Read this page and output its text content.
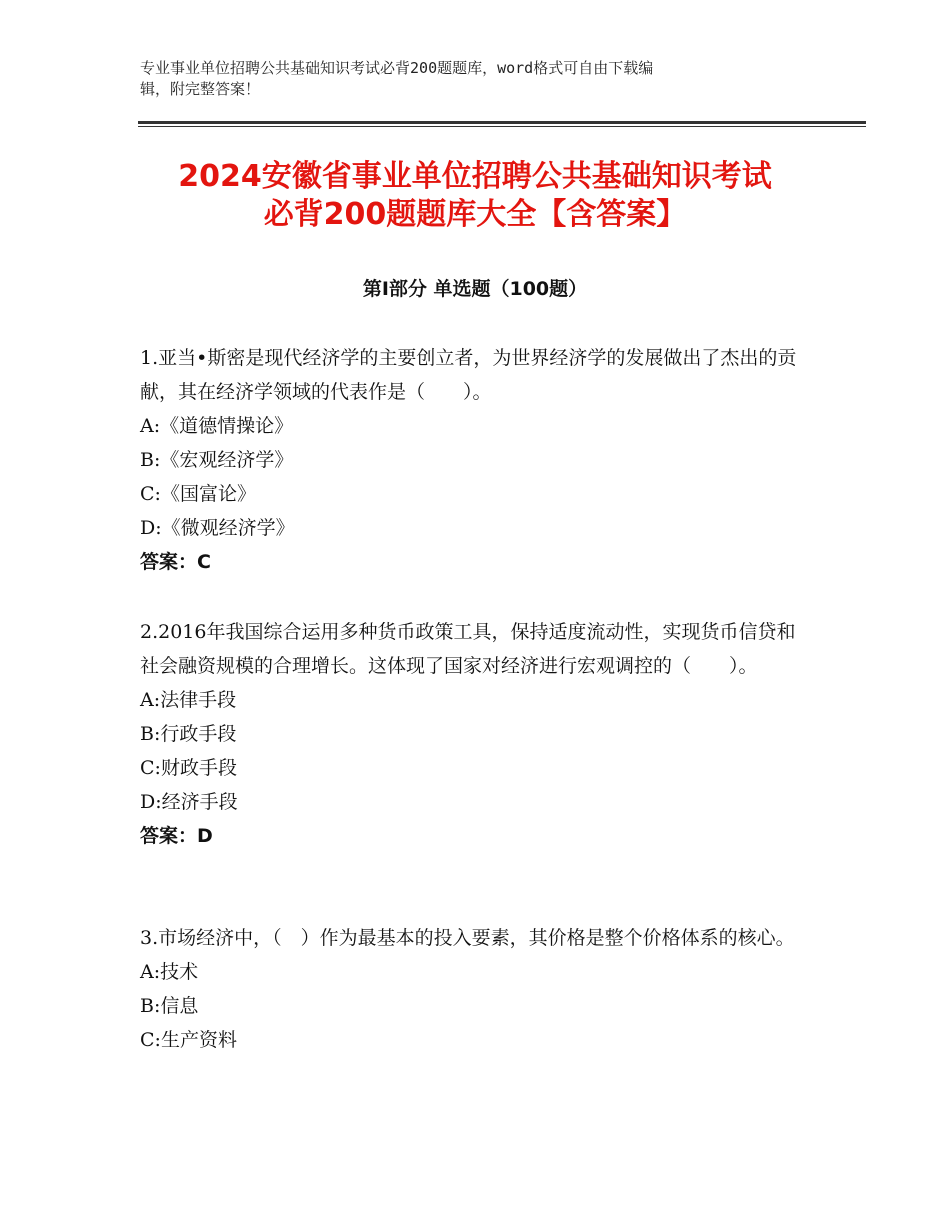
专业事业单位招聘公共基础知识考试必背200题题库，word格式可自由下载编
辑，附完整答案！
2024安徽省事业单位招聘公共基础知识考试
必背200题题库大全【含答案】
第Ⅰ部分 单选题（100题）

1.亚当•斯密是现代经济学的主要创立者，为世界经济学的发展做出了杰出的贡献，其在经济学领域的代表作是（　　）。

A:《道德情操论》

B:《宏观经济学》

C:《国富论》

D:《微观经济学》

答案：C

2.2016年我国综合运用多种货币政策工具，保持适度流动性，实现货币信贷和社会融资规模的合理增长。这体现了国家对经济进行宏观调控的（　　）。

A:法律手段

B:行政手段

C:财政手段

D:经济手段

答案：D

3.市场经济中，（　）作为最基本的投入要素，其价格是整个价格体系的核心。

A:技术

B:信息

C:生产资料
